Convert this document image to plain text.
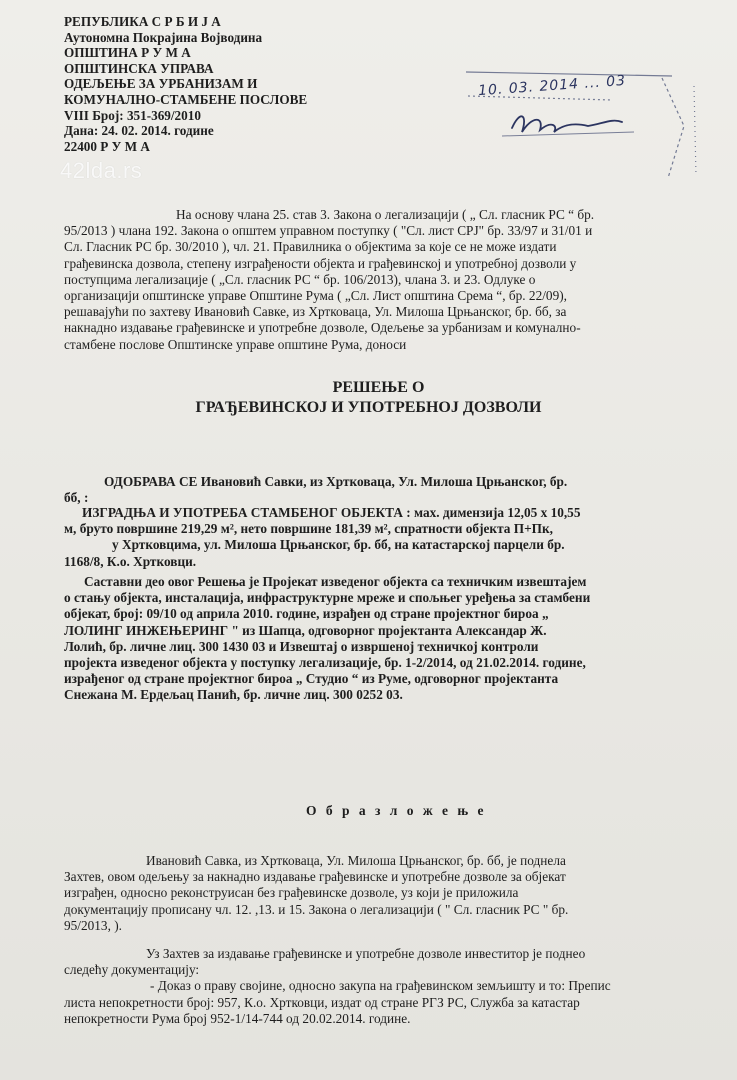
РЕПУБЛИКА С Р Б И Ј А
Аутономна Покрајина Војводина
ОПШТИНА Р У М А
ОПШТИНСКА УПРАВА
ОДЕЉЕЊЕ ЗА УРБАНИЗАМ И
КОМУНАЛНО-СТАМБЕНЕ ПОСЛОВЕ
VIII Број: 351-369/2010
Дана: 24. 02. 2014. године
22400 Р У М А
42lda.rs
10. 03. 2014 ... 03
На основу члана 25. став 3. Закона о легализацији ( „ Сл. гласник РС “ бр.
95/2013 ) члана 192. Закона о општем управном поступку ( "Сл. лист СРЈ" бр. 33/97 и 31/01 и
Сл. Гласник РС бр. 30/2010 ), чл. 21. Правилника о објектима за које се не може издати
грађевинска дозвола, степену изграђености објекта и грађевинској и употребној дозволи у
поступцима легализације ( „Сл. гласник РС “ бр. 106/2013), члана 3. и 23. Одлуке о
организацији општинске управе Општине Рума ( „Сл. Лист општина Срема “, бр. 22/09),
решавајући по захтеву Ивановић Савке, из Хртковаца, Ул. Милоша Црњанског, бр. бб, за
накнадно издавање грађевинске и употребне дозволе, Одељење за урбанизам и комунално-
стамбене послове Општинске управе општине Рума, доноси
РЕШЕЊЕ О
ГРАЂЕВИНСКОЈ И УПОТРЕБНОЈ ДОЗВОЛИ
ОДОБРАВА СЕ Ивановић Савки, из Хртковаца, Ул. Милоша Црњанског, бр.
бб, :
ИЗГРАДЊА И УПОТРЕБА СТАМБЕНОГ ОБЈЕКТА : мах. димензија 12,05 х 10,55
м, бруто површине 219,29 м², нето површине 181,39 м², спратности објекта П+Пк,
у Хртковцима, ул. Милоша Црњанског, бр. бб, на катастарској парцели бр.
1168/8, К.о. Хртковци.
Саставни део овог Решења је Пројекат изведеног објекта са техничким извештајем
о стању објекта, инсталација, инфраструктурне мреже и спољњег уређења за стамбени
објекат, број: 09/10 од априла 2010. године, израђен од стране пројектног бироа „
ЛОЛИНГ ИНЖЕЊЕРИНГ " из Шапца, одговорног пројектанта Александар Ж.
Лолић, бр. личне лиц. 300 1430 03 и Извештај о извршеној техничкој контроли
пројекта изведеног објекта у поступку легализације, бр. 1-2/2014, од 21.02.2014. године,
израђеног од стране пројектног бироа „ Студио “ из Руме, одговорног пројектанта
Снежана М. Ердељац Панић, бр. личне лиц. 300 0252 03.
О б р а з л о ж е њ е
Ивановић Савка, из Хртковаца, Ул. Милоша Црњанског, бр. бб, је поднела
Захтев, овом одељењу за накнадно издавање грађевинске и употребне дозволе за објекат
изграђен, односно реконструисан без грађевинске дозволе, уз који је приложила
документацију прописану чл. 12. ,13. и 15. Закона о легализацији ( " Сл. гласник РС " бр.
95/2013, ).
Уз Захтев за издавање грађевинске и употребне дозволе инвеститор је поднео
следећу документацију:
- Доказ о праву својине, односно закупа на грађевинском земљишту и то: Препис
листа непокретности број: 957, К.о. Хртковци, издат од стране РГЗ РС, Служба за катастар
непокретности Рума број 952-1/14-744 од 20.02.2014. године.
